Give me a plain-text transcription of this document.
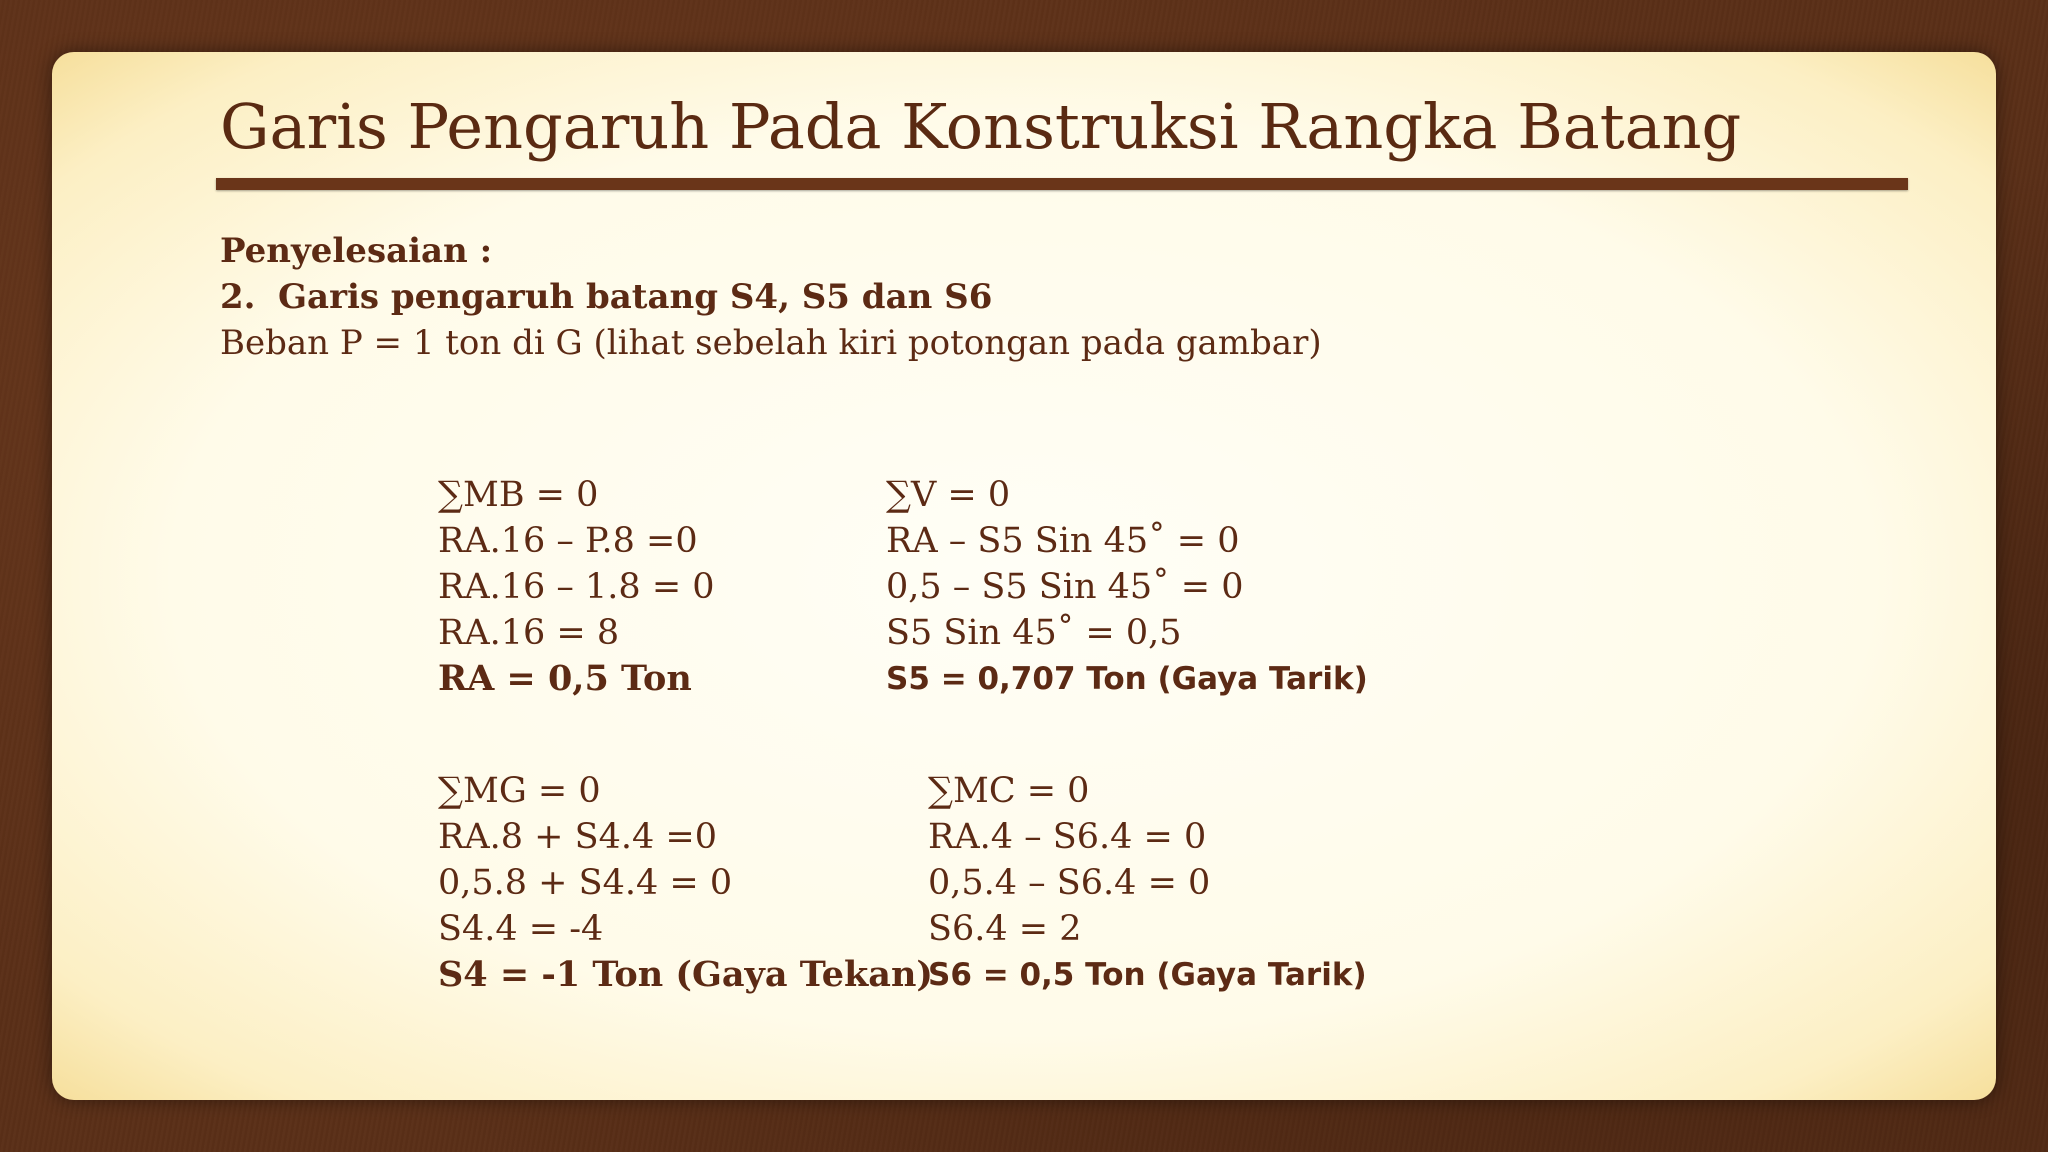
Garis Pengaruh Pada Konstruksi Rangka Batang
Penyelesaian :
2. Garis pengaruh batang S4, S5 dan S6
Beban P = 1 ton di G (lihat sebelah kiri potongan pada gambar)
∑MB = 0
RA.16 – P.8 =0
RA.16 – 1.8 = 0
RA.16 = 8
RA = 0,5 Ton
∑V = 0
RA – S5 Sin 45˚ = 0
0,5 – S5 Sin 45˚ = 0
S5 Sin 45˚ = 0,5
S5 = 0,707 Ton (Gaya Tarik)
∑MG = 0
RA.8 + S4.4 =0
0,5.8 + S4.4 = 0
S4.4 = -4
S4 = -1 Ton (Gaya Tekan)
∑MC = 0
RA.4 – S6.4 = 0
0,5.4 – S6.4 = 0
S6.4 = 2
S6 = 0,5 Ton (Gaya Tarik)
